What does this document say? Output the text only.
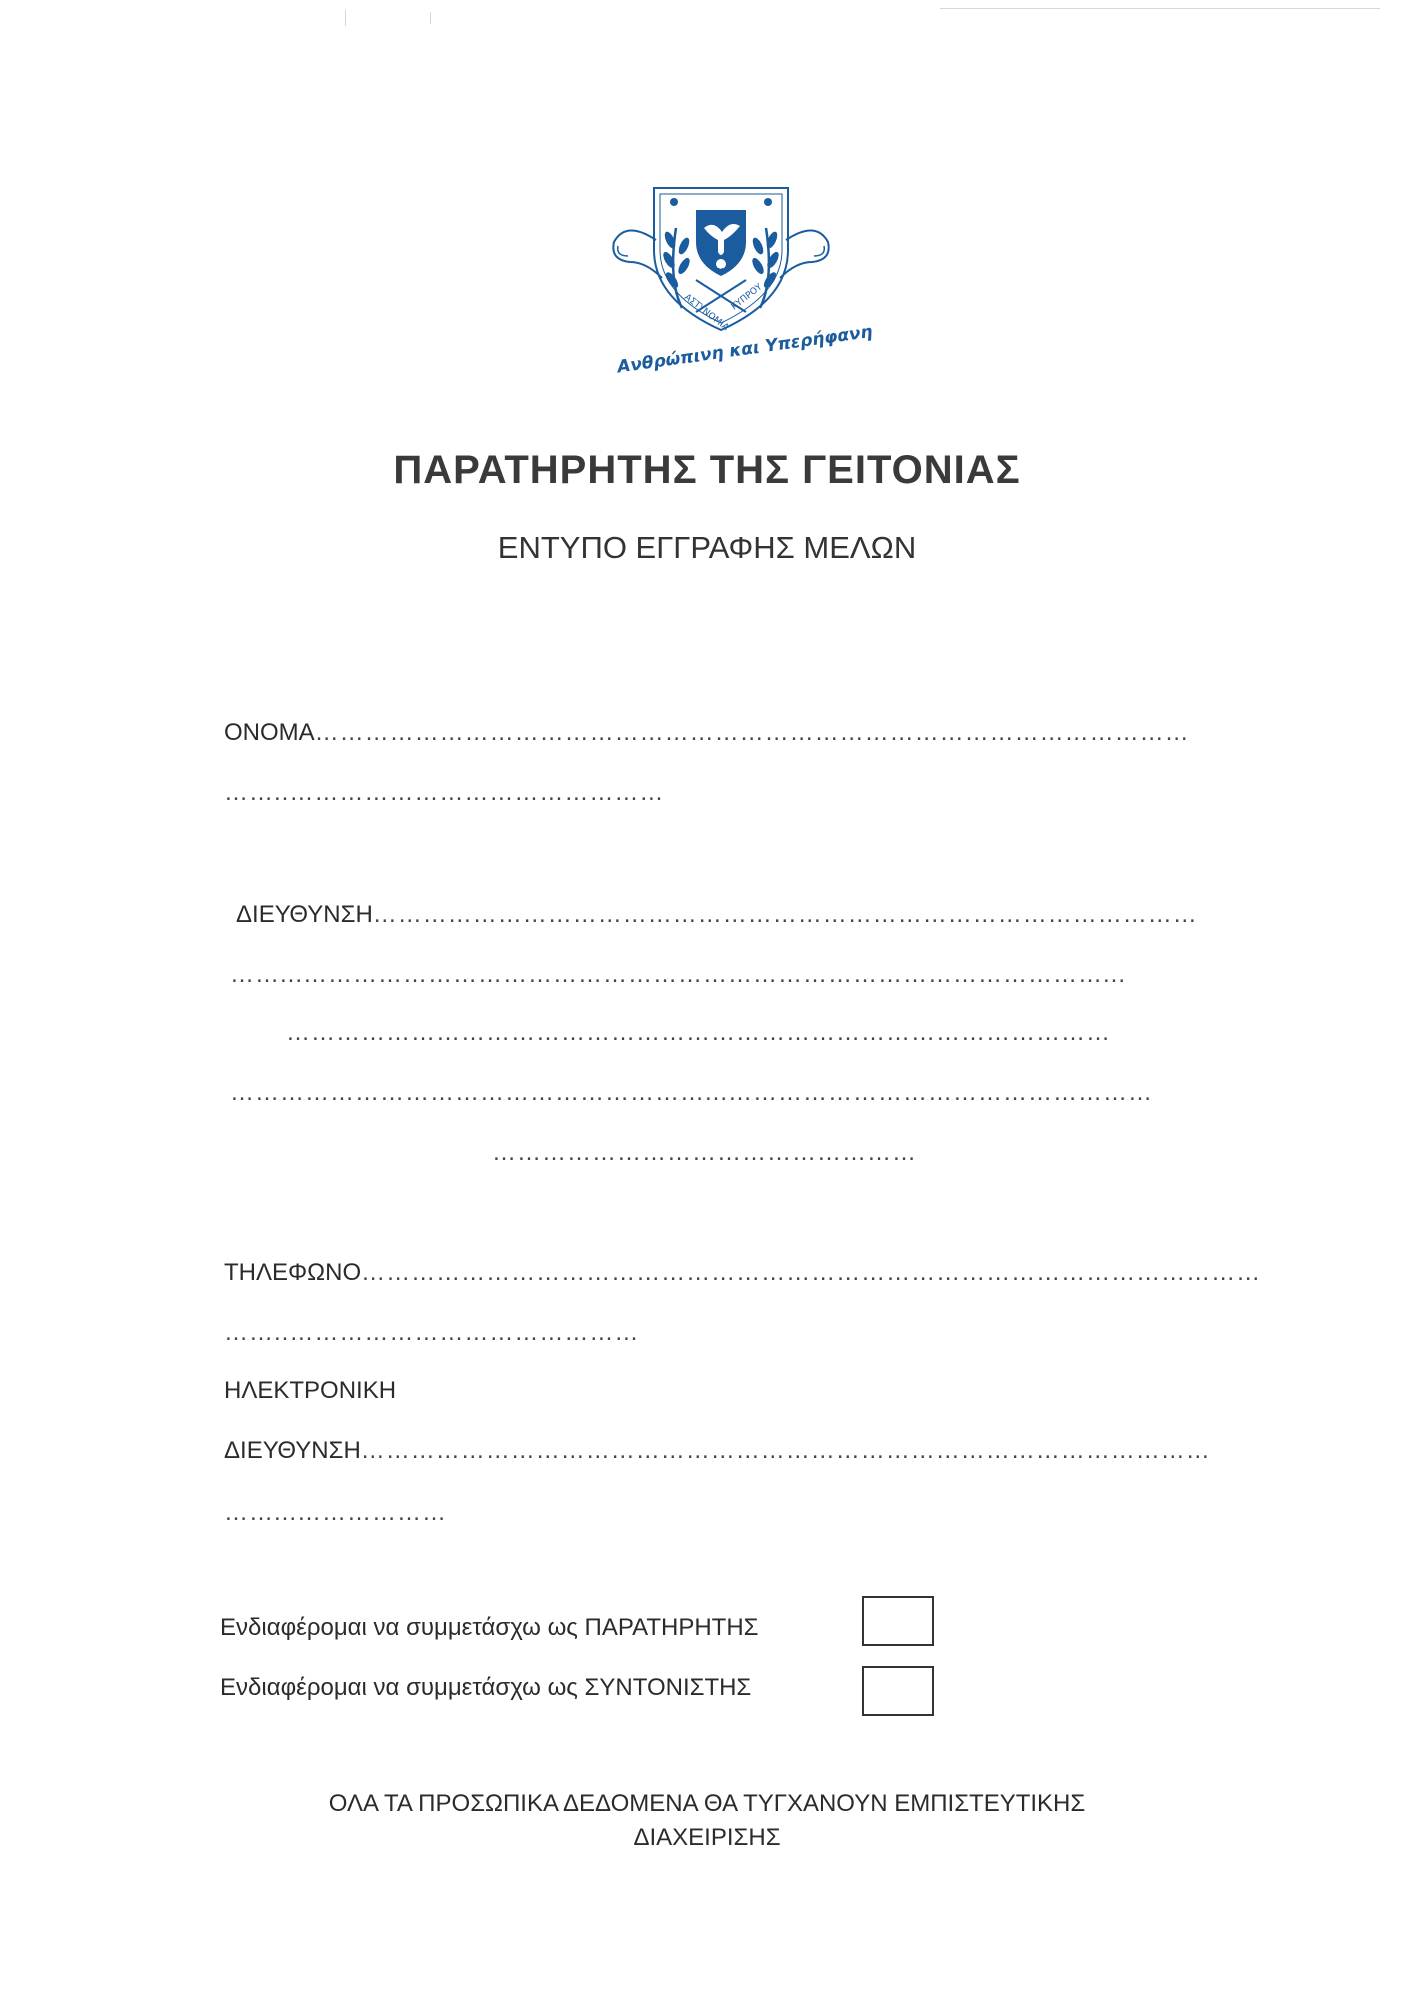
ΑΣΤΥΝΟΜΙΑ ΚΥΠΡΟΥ
1960
Ανθρώπινη και Υπερήφανη
ΠΑΡΑΤΗΡΗΤΗΣ ΤΗΣ ΓΕΙΤΟΝΙΑΣ
ΕΝΤΥΠΟ ΕΓΓΡΑΦΗΣ ΜΕΛΩΝ
ΟΝΟΜΑ……………………………………………………………………………………………
……..………………………………………
ΔΙΕΥΘΥΝΣΗ………………………………………………………………………………………
……...……………………………………………………………………………………...
………………………………………………………………………………………
…………………………………………………...……………………………………………
……………………………………………
ΤΗΛΕΦΩΝΟ………………………………………………………………………………………………
……..……………………………………
ΗΛΕΚΤΡΟΝΙΚΗ
ΔΙΕΥΘΥΝΣΗ…………………………………………………………………………………………
……...………………
Ενδιαφέρομαι να συμμετάσχω ως ΠΑΡΑΤΗΡΗΤΗΣ
Ενδιαφέρομαι να συμμετάσχω ως ΣΥΝΤΟΝΙΣΤΗΣ
ΟΛΑ ΤΑ ΠΡΟΣΩΠΙΚΑ ΔΕΔΟΜΕΝΑ ΘΑ ΤΥΓΧΑΝΟΥΝ ΕΜΠΙΣΤΕΥΤΙΚΗΣ
ΔΙΑΧΕΙΡΙΣΗΣ
